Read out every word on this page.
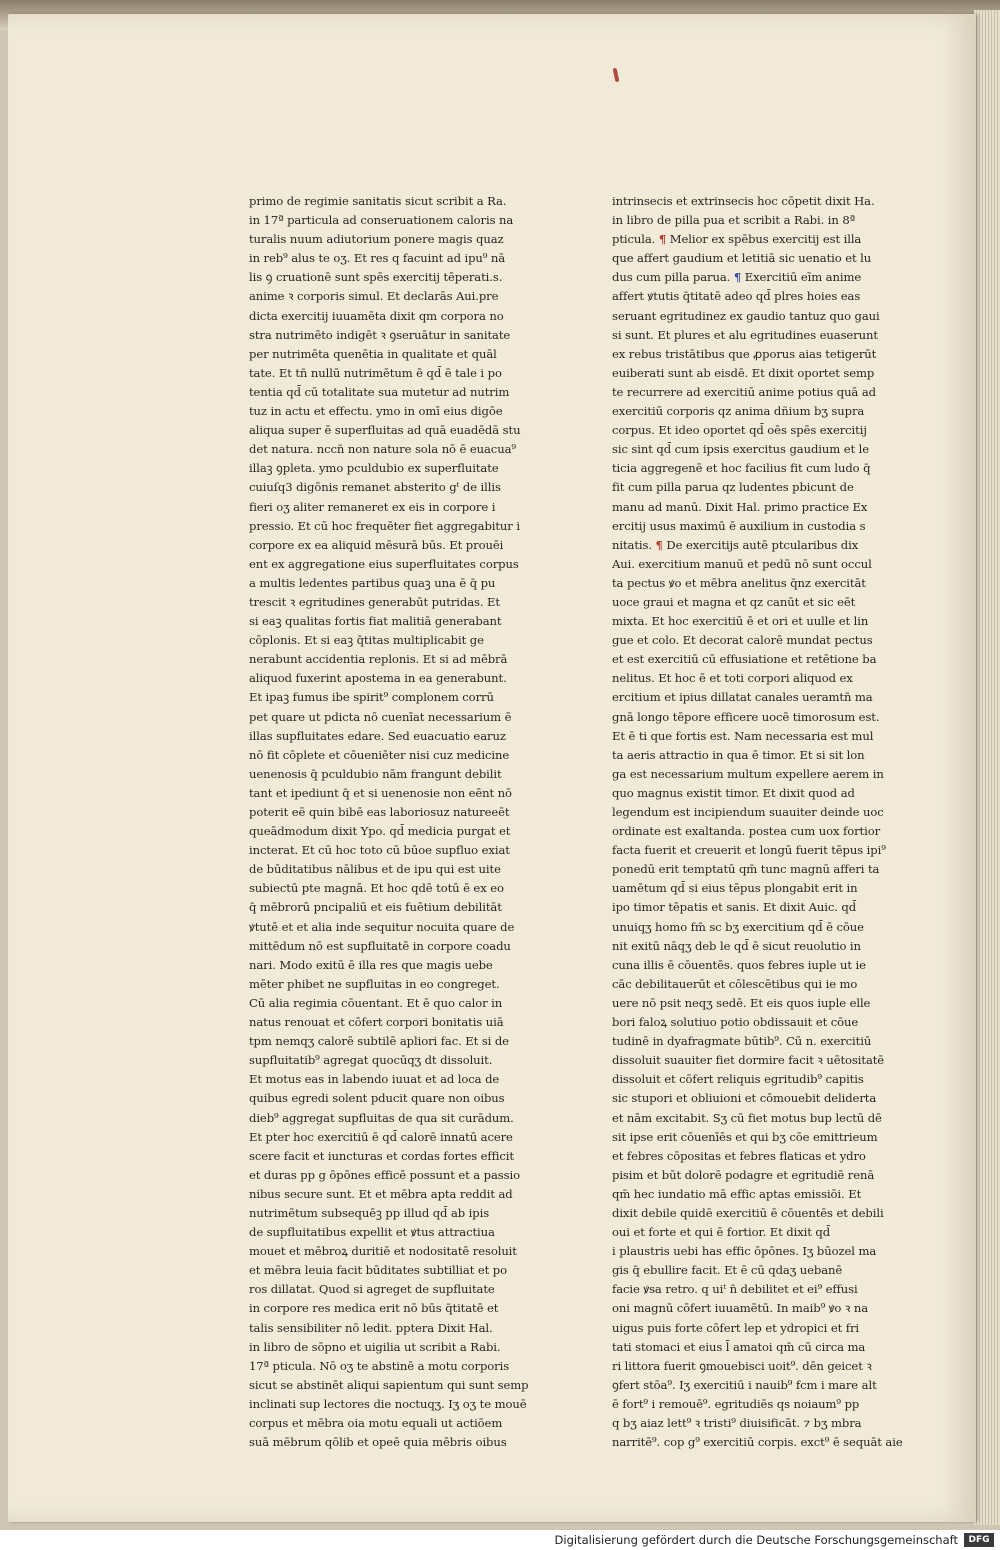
primo de regimie sanitatis sicut scribit a Ra.
in 17ª particula ad conseruationem caloris na
turalis nuum adiutorium ponere magis quaz
in reb⁹ alus te oʒ. Et res q facuint ad ipu⁹ nā
lis ꝯ cruationē sunt spēs exercitij tēperati.s.
anime ꝛ corporis simul. Et declarās Aui.pre
dicta exercitij iuuamēta dixit qm corpora no
stra nutrimēto indigēt ꝛ ꝯseruātur in sanitate
per nutrimēta quenētia in qualitate et quāl
tate. Et tn̄ nullū nutrimētum ē qd̄ ē tale i po
tentia qd̄ cū totalitate sua mutetur ad nutrim
tuz in actu et effectu. ymo in omī eius digōe
aliqua super ē superfluitas ad quā euadēdā stu
det natura. nccn̄ non nature sola nō ē euacua⁹
illaꝫ ꝯpleta. ymo pculdubio ex superfluitate
cuiuſq3 digōnis remanet absterito gᵗ de illis
fieri oʒ aliter remaneret ex eis in corpore i
pressio. Et cū hoc frequēter fiet aggregabitur i
corpore ex ea aliquid mēsurā būs. Et prouēi
ent ex aggregatione eius superfluitates corpus
a multis ledentes partibus quaꝫ una ē q̄ pu
trescit ꝛ egritudines generabūt putridas. Et
si eaꝫ qualitas fortis fiat malitiā generabant
cōplonis. Et si eaꝫ q̄titas multiplicabit ge
nerabunt accidentia replonis. Et si ad mēbrā
aliquod fuxerint apostema in ea generabunt.
Et ipaꝫ fumus ibe spirit⁹ complonem corrū
pet quare ut pdicta nō cuenīat necessarium ē
illas supfluitates edare. Sed euacuatio earuz
nō fit cōplete et cōueniēter nisi cuz medicine
uenenosis q̄ pculdubio nām frangunt debilit
tant et ipediunt q̄ et si uenenosie non eēnt nō
poterit eē quin bibē eas laboriosuz natureeēt
queādmodum dixit Ypo. qd̄ medicia purgat et
incterat. Et cū hoc toto cū būoe supfluo exiat
de būditatibus nālibus et de ipu qui est uite
subiectū pte magnā. Et hoc qdē totū ē ex eo
q̄ mēbrorū pncipaliū et eis fuētium debilitāt
ꝟtutē et et alia inde sequitur nocuita quare de
mittēdum nō est supfluitatē in corpore coadu
nari. Modo exitū ē illa res que magis uebe
mēter phibet ne supfluitas in eo congreget.
Cū alia regimia cōuentant. Et ē quo calor in
natus renouat et cōfert corpori bonitatis uiā
tpm nemqʒ calorē subtilē apliori fac. Et si de
supfluitatib⁹ agregat quocūqʒ dt dissoluit.
Et motus eas in labendo iuuat et ad loca de
quibus egredi solent pducit quare non oibus
dieb⁹ aggregat supfluitas de qua sit curādum.
Et pter hoc exercitiū ē qd̄ calorē innatū acere
scere facit et iuncturas et cordas fortes efficit
et duras pp g ōpōnes efficē possunt et a passio
nibus secure sunt. Et et mēbra apta reddit ad
nutrimētum subsequēꝫ pp illud qd̄ ab ipis
de supfluitatibus expellit et ꝟtus attractiua
mouet et mēbroꝝ duritiē et nodositatē resoluit
et mēbra leuia facit būditates subtilliat et po
ros dillatat. Quod si agreget de supfluitate
in corpore res medica erit nō būs q̄titatē et
talis sensibiliter nō ledit. pptera Dixit Hal.
in libro de sōpno et uigilia ut scribit a Rabi.
17ª pticula. Nō oʒ te abstinē a motu corporis
sicut se abstinēt aliqui sapientum qui sunt semp
inclinati sup lectores die noctuqʒ. Iʒ oʒ te mouē
corpus et mēbra oia motu equali ut actiōem
suā mēbrum qōlib et opeē quia mēbris oibus
intrinsecis et extrinsecis hoc cōpetit dixit Ha.
in libro de pilla pua et scribit a Rabi. in 8ª
pticula. ¶ Melior ex spēbus exercitij est illa
que affert gaudium et letitiā sic uenatio et lu
dus cum pilla parua. ¶ Exercitiū eīm anime
affert ꝟtutis q̄titatē adeo qd̄ plres hoies eas
seruant egritudinez ex gaudio tantuz quo gaui
si sunt. Et plures et alu egritudines euaserunt
ex rebus tristātibus que ꝓporus aias tetigerūt
euiberati sunt ab eisdē. Et dixit oportet semp
te recurrere ad exercitiū anime potius quā ad
exercitiū corporis qz anima dñium bʒ supra
corpus. Et ideo oportet qd̄ oēs spēs exercitij
sic sint qd̄ cum ipsis exercitus gaudium et le
ticia aggregenē et hoc facilius fit cum ludo q̄
fit cum pilla parua qz ludentes pbicunt de
manu ad manū. Dixit Hal. primo practice Ex
ercitij usus maximū ē auxilium in custodia s
nitatis. ¶ De exercitijs autē ptcularibus dix
Aui. exercitium manuū et pedū nō sunt occul
ta pectus ꝟo et mēbra anelitus q̄nz exercitāt
uoce graui et magna et qz canūt et sic eēt
mixta. Et hoc exercitiū ē et ori et uulle et lin
gue et colo. Et decorat calorē mundat pectus
et est exercitiū cū effusiatione et retētione ba
nelitus. Et hoc ē et toti corpori aliquod ex
ercitium et ipius dillatat canales ueramtn̄ ma
gnā longo tēpore efficere uocē timorosum est.
Et ē ti que fortis est. Nam necessaria est mul
ta aeris attractio in qua ē timor. Et si sit lon
ga est necessarium multum expellere aerem in
quo magnus existit timor. Et dixit quod ad
legendum est incipiendum suauiter deinde uoc
ordinate est exaltanda. postea cum uox fortior
facta fuerit et creuerit et longū fuerit tēpus ipi⁹
ponedū erit temptatū qm̄ tunc magnū afferi ta
uamētum qd̄ si eius tēpus plongabit erit in
ipo timor tēpatis et sanis. Et dixit Auic. qd̄
unuiqʒ homo fm̄ sc bʒ exercitium qd̄ ē cōue
nit exitū nāqʒ deb le qd̄ ē sicut reuolutio in
cuna illis ē cōuentēs. quos febres iuple ut ie
cāc debilitauerūt et cōlescētibus qui ie mo
uere nō psit neqʒ sedē. Et eis quos iuple elle
bori faloꝝ solutiuo potio obdissauit et cōue
tudinē in dyafragmate būtib⁹. Cū n. exercitiū
dissoluit suauiter fiet dormire facit ꝛ uētositatē
dissoluit et cōfert reliquis egritudib⁹ capitis
sic stupori et obliuioni et cōmouebit deliderta
et nām excitabit. Sʒ cū fiet motus bup lectū dē
sit ipse erit cōuenīēs et qui bʒ cōe emittrieum
et febres cōpositas et febres flaticas et ydro
pisim et būt dolorē podagre et egritudiē renā
qm̄ hec iundatio mā effic aptas emissiōi. Et
dixit debile quidē exercitiū ē cōuentēs et debili
oui et forte et qui ē fortior. Et dixit qd̄
i plaustris uebi has effic ōpōnes. Iʒ būozel ma
gis q̄ ebullire facit. Et ē cū qdaʒ uebanē
facie ꝟsa retro. q uiᵗ n̄ debilitet et ei⁹ effusi
oni magnū cōfert iuuamētū. In maib⁹ ꝟo ꝛ na
uigus puis forte cōfert lep et ydropici et fri
tati stomaci et eius l̄ amatoi qm̄ cū circa ma
ri littora fuerit ꝯmouebisci uoit⁹. dēn geicet ꝛ
ꝯfert stōa⁹. Iʒ exercitiū i nauib⁹ fcm i mare alt
ē fort⁹ i remouē⁹. egritudiēs qs noiaum⁹ pp
q bʒ aiaz lett⁹ ꝛ tristi⁹ diuisificāt. ⁊ bʒ mbra
narritē⁹. cop g⁹ exercitiū corpis. exct⁹ ē sequāt aie
Digitalisierung gefördert durch die Deutsche Forschungsgemeinschaft	DFG
